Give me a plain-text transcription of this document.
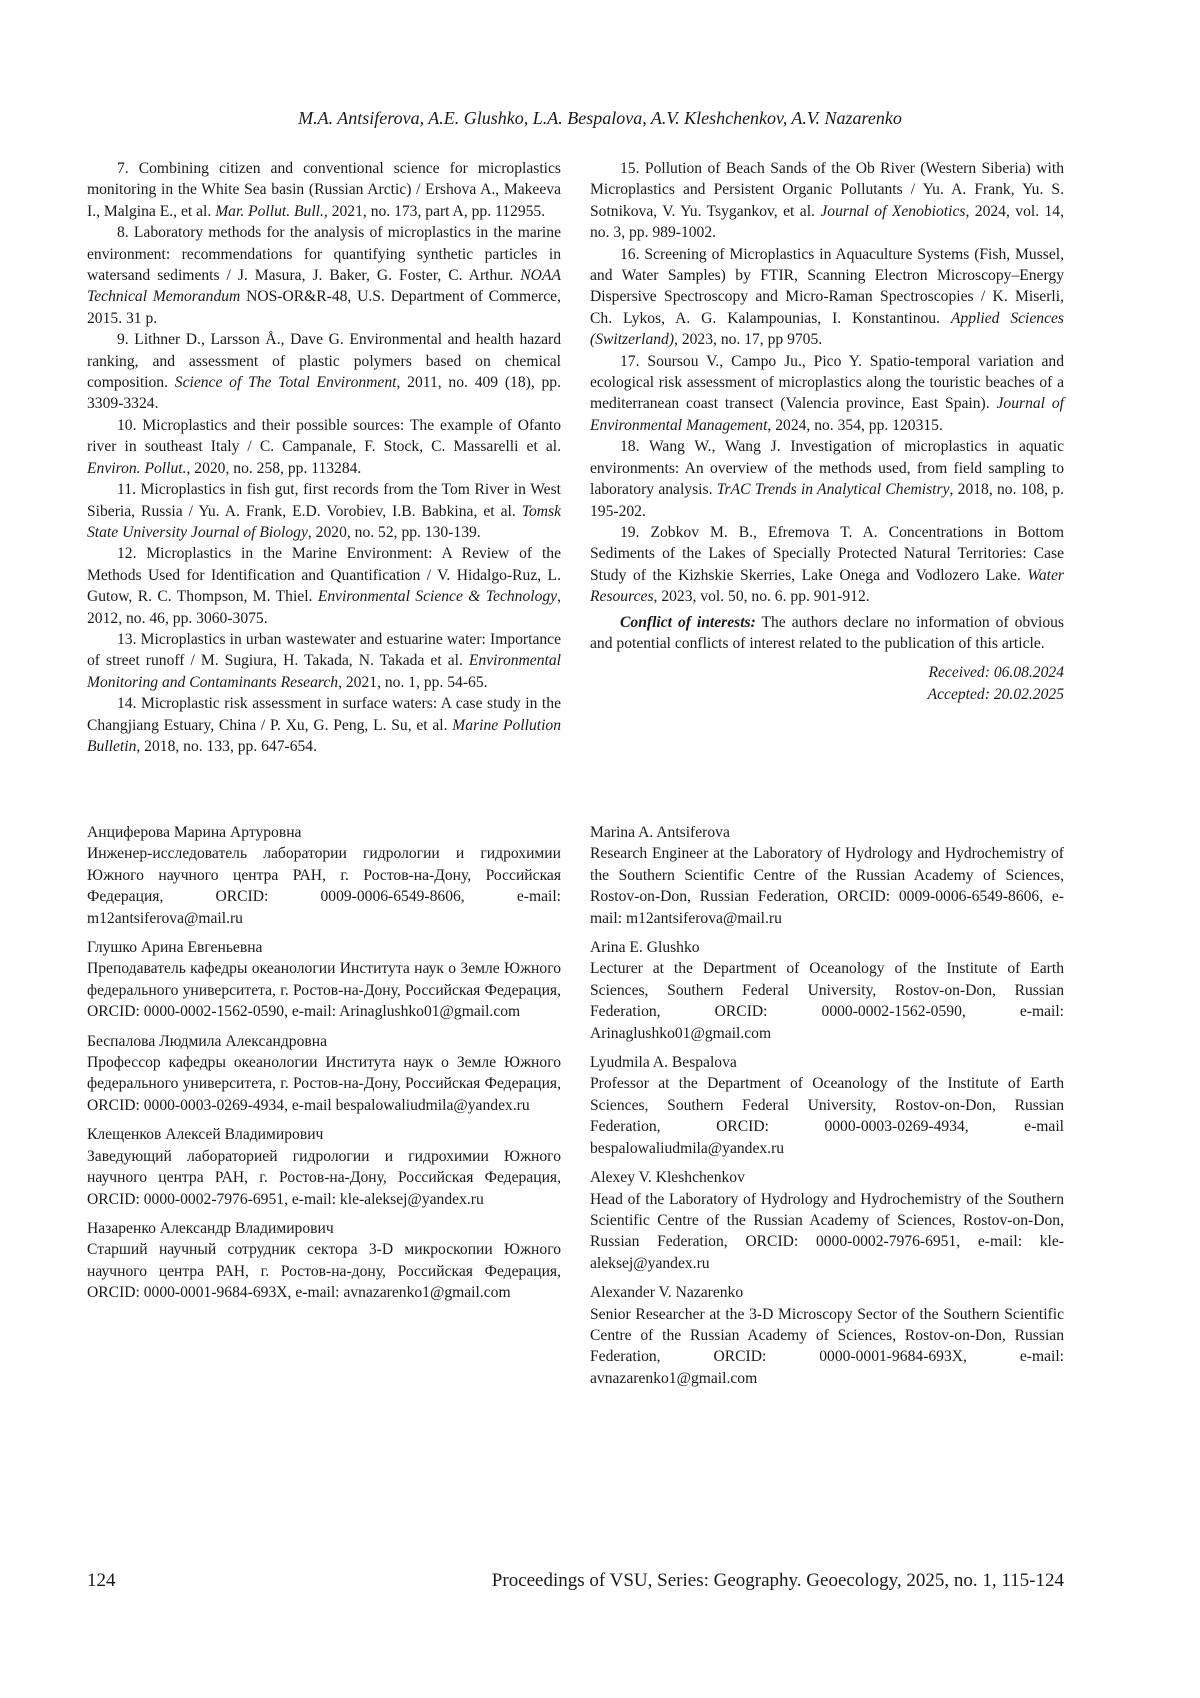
M.A. Antsiferova, A.E. Glushko, L.A. Bespalova, A.V. Kleshchenkov, A.V. Nazarenko

7. Combining citizen and conventional science for microplastics monitoring in the White Sea basin (Russian Arctic) / Ershova A., Makeeva I., Malgina E., et al. Mar. Pollut. Bull., 2021, no. 173, part A, pp. 112955.

8. Laboratory methods for the analysis of microplastics in the marine environment: recommendations for quantifying synthetic particles in watersand sediments / J. Masura, J. Baker, G. Foster, C. Arthur. NOAA Technical Memorandum NOS-OR&R-48, U.S. Department of Commerce, 2015. 31 p.

9. Lithner D., Larsson Å., Dave G. Environmental and health hazard ranking, and assessment of plastic polymers based on chemical composition. Science of The Total Environment, 2011, no. 409 (18), pp. 3309-3324.

10. Microplastics and their possible sources: The example of Ofanto river in southeast Italy / C. Campanale, F. Stock, C. Massarelli et al. Environ. Pollut., 2020, no. 258, pp. 113284.

11. Microplastics in fish gut, first records from the Tom River in West Siberia, Russia / Yu. A. Frank, E.D. Vorobiev, I.B. Babkina, et al. Tomsk State University Journal of Biology, 2020, no. 52, pp. 130-139.

12. Microplastics in the Marine Environment: A Review of the Methods Used for Identification and Quantification / V. Hidalgo-Ruz, L. Gutow, R. C. Thompson, M. Thiel. Environmental Science & Technology, 2012, no. 46, pp. 3060-3075.

13. Microplastics in urban wastewater and estuarine water: Importance of street runoff / M. Sugiura, H. Takada, N. Takada et al. Environmental Monitoring and Contaminants Research, 2021, no. 1, pp. 54-65.

14. Microplastic risk assessment in surface waters: A case study in the Changjiang Estuary, China / P. Xu, G. Peng, L. Su, et al. Marine Pollution Bulletin, 2018, no. 133, pp. 647-654.

15. Pollution of Beach Sands of the Ob River (Western Siberia) with Microplastics and Persistent Organic Pollutants / Yu. A. Frank, Yu. S. Sotnikova, V. Yu. Tsygankov, et al. Journal of Xenobiotics, 2024, vol. 14, no. 3, pp. 989-1002.

16. Screening of Microplastics in Aquaculture Systems (Fish, Mussel, and Water Samples) by FTIR, Scanning Electron Microscopy–Energy Dispersive Spectroscopy and Micro-Raman Spectroscopies / K. Miserli, Ch. Lykos, A. G. Kalampounias, I. Konstantinou. Applied Sciences (Switzerland), 2023, no. 17, pp 9705.

17. Soursou V., Campo Ju., Pico Y. Spatio-temporal variation and ecological risk assessment of microplastics along the touristic beaches of a mediterranean coast transect (Valencia province, East Spain). Journal of Environmental Management, 2024, no. 354, pp. 120315.

18. Wang W., Wang J. Investigation of microplastics in aquatic environments: An overview of the methods used, from field sampling to laboratory analysis. TrAC Trends in Analytical Chemistry, 2018, no. 108, p. 195-202.

19. Zobkov M. B., Efremova T. A. Concentrations in Bottom Sediments of the Lakes of Specially Protected Natural Territories: Case Study of the Kizhskie Skerries, Lake Onega and Vodlozero Lake. Water Resources, 2023, vol. 50, no. 6. pp. 901-912.

Conflict of interests: The authors declare no information of obvious and potential conflicts of interest related to the publication of this article.

Received: 06.08.2024
Accepted: 20.02.2025

Анциферова Марина Артуровна

Инженер-исследователь лаборатории гидрологии и гидрохимии Южного научного центра РАН, г. Ростов-на-Дону, Российская Федерация, ORCID: 0009-0006-6549-8606, e-mail: m12antsiferova@mail.ru

Глушко Арина Евгеньевна

Преподаватель кафедры океанологии Института наук о Земле Южного федерального университета, г. Ростов-на-Дону, Российская Федерация, ORCID: 0000-0002-1562-0590, e-mail: Arinaglushko01@gmail.com

Беспалова Людмила Александровна

Профессор кафедры океанологии Института наук о Земле Южного федерального университета, г. Ростов-на-Дону, Российская Федерация, ORCID: 0000-0003-0269-4934, e-mail bespalowaliudmila@yandex.ru

Клещенков Алексей Владимирович

Заведующий лабораторией гидрологии и гидрохимии Южного научного центра РАН, г. Ростов-на-Дону, Российская Федерация, ORCID: 0000-0002-7976-6951, e-mail: kle-aleksej@yandex.ru

Назаренко Александр Владимирович

Старший научный сотрудник сектора 3-D микроскопии Южного научного центра РАН, г. Ростов-на-дону, Российская Федерация, ORCID: 0000-0001-9684-693X, e-mail: avnazarenko1@gmail.com

Marina A. Antsiferova

Research Engineer at the Laboratory of Hydrology and Hydrochemistry of the Southern Scientific Centre of the Russian Academy of Sciences, Rostov-on-Don, Russian Federation, ORCID: 0009-0006-6549-8606, e-mail: m12antsiferova@mail.ru

Arina E. Glushko

Lecturer at the Department of Oceanology of the Institute of Earth Sciences, Southern Federal University, Rostov-on-Don, Russian Federation, ORCID: 0000-0002-1562-0590, e-mail: Arinaglushko01@gmail.com

Lyudmila A. Bespalova

Professor at the Department of Oceanology of the Institute of Earth Sciences, Southern Federal University, Rostov-on-Don, Russian Federation, ORCID: 0000-0003-0269-4934, e-mail bespalowaliudmila@yandex.ru

Alexey V. Kleshchenkov

Head of the Laboratory of Hydrology and Hydrochemistry of the Southern Scientific Centre of the Russian Academy of Sciences, Rostov-on-Don, Russian Federation, ORCID: 0000-0002-7976-6951, e-mail: kle-aleksej@yandex.ru

Alexander V. Nazarenko

Senior Researcher at the 3-D Microscopy Sector of the Southern Scientific Centre of the Russian Academy of Sciences, Rostov-on-Don, Russian Federation, ORCID: 0000-0001-9684-693X, e-mail: avnazarenko1@gmail.com

124	Proceedings of VSU, Series: Geography. Geoecology, 2025, no. 1, 115-124
